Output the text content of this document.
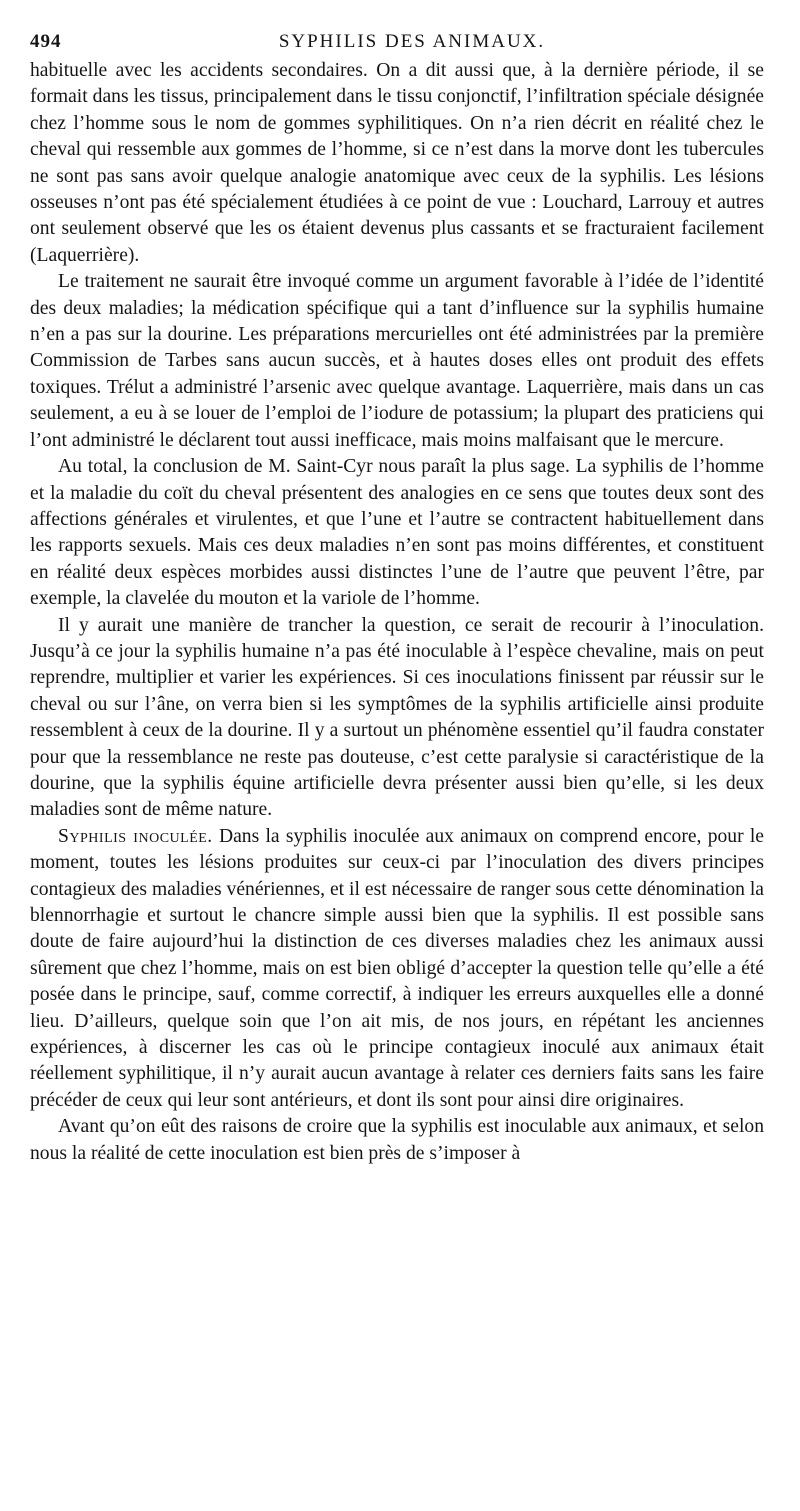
494	SYPHILIS DES ANIMAUX.

habituelle avec les accidents secondaires. On a dit aussi que, à la dernière période, il se formait dans les tissus, principalement dans le tissu conjonctif, l’infiltration spéciale désignée chez l’homme sous le nom de gommes syphilitiques. On n’a rien décrit en réalité chez le cheval qui ressemble aux gommes de l’homme, si ce n’est dans la morve dont les tubercules ne sont pas sans avoir quelque analogie anatomique avec ceux de la syphilis. Les lésions osseuses n’ont pas été spécialement étudiées à ce point de vue : Louchard, Larrouy et autres ont seulement observé que les os étaient devenus plus cassants et se fracturaient facilement (Laquerrière).

Le traitement ne saurait être invoqué comme un argument favorable à l’idée de l’identité des deux maladies; la médication spécifique qui a tant d’influence sur la syphilis humaine n’en a pas sur la dourine. Les préparations mercurielles ont été administrées par la première Commission de Tarbes sans aucun succès, et à hautes doses elles ont produit des effets toxiques. Trélut a administré l’arsenic avec quelque avantage. Laquerrière, mais dans un cas seulement, a eu à se louer de l’emploi de l’iodure de potassium; la plupart des praticiens qui l’ont administré le déclarent tout aussi inefficace, mais moins malfaisant que le mercure.

Au total, la conclusion de M. Saint-Cyr nous paraît la plus sage. La syphilis de l’homme et la maladie du coït du cheval présentent des analogies en ce sens que toutes deux sont des affections générales et virulentes, et que l’une et l’autre se contractent habituellement dans les rapports sexuels. Mais ces deux maladies n’en sont pas moins différentes, et constituent en réalité deux espèces morbides aussi distinctes l’une de l’autre que peuvent l’être, par exemple, la clavelée du mouton et la variole de l’homme.

Il y aurait une manière de trancher la question, ce serait de recourir à l’inoculation. Jusqu’à ce jour la syphilis humaine n’a pas été inoculable à l’espèce chevaline, mais on peut reprendre, multiplier et varier les expériences. Si ces inoculations finissent par réussir sur le cheval ou sur l’âne, on verra bien si les symptômes de la syphilis artificielle ainsi produite ressemblent à ceux de la dourine. Il y a surtout un phénomène essentiel qu’il faudra constater pour que la ressemblance ne reste pas douteuse, c’est cette paralysie si caractéristique de la dourine, que la syphilis équine artificielle devra présenter aussi bien qu’elle, si les deux maladies sont de même nature.

Syphilis inoculée. Dans la syphilis inoculée aux animaux on comprend encore, pour le moment, toutes les lésions produites sur ceux-ci par l’inoculation des divers principes contagieux des maladies vénériennes, et il est nécessaire de ranger sous cette dénomination la blennorrhagie et surtout le chancre simple aussi bien que la syphilis. Il est possible sans doute de faire aujourd’hui la distinction de ces diverses maladies chez les animaux aussi sûrement que chez l’homme, mais on est bien obligé d’accepter la question telle qu’elle a été posée dans le principe, sauf, comme correctif, à indiquer les erreurs auxquelles elle a donné lieu. D’ailleurs, quelque soin que l’on ait mis, de nos jours, en répétant les anciennes expériences, à discerner les cas où le principe contagieux inoculé aux animaux était réellement syphilitique, il n’y aurait aucun avantage à relater ces derniers faits sans les faire précéder de ceux qui leur sont antérieurs, et dont ils sont pour ainsi dire originaires.

Avant qu’on eût des raisons de croire que la syphilis est inoculable aux animaux, et selon nous la réalité de cette inoculation est bien près de s’imposer à
